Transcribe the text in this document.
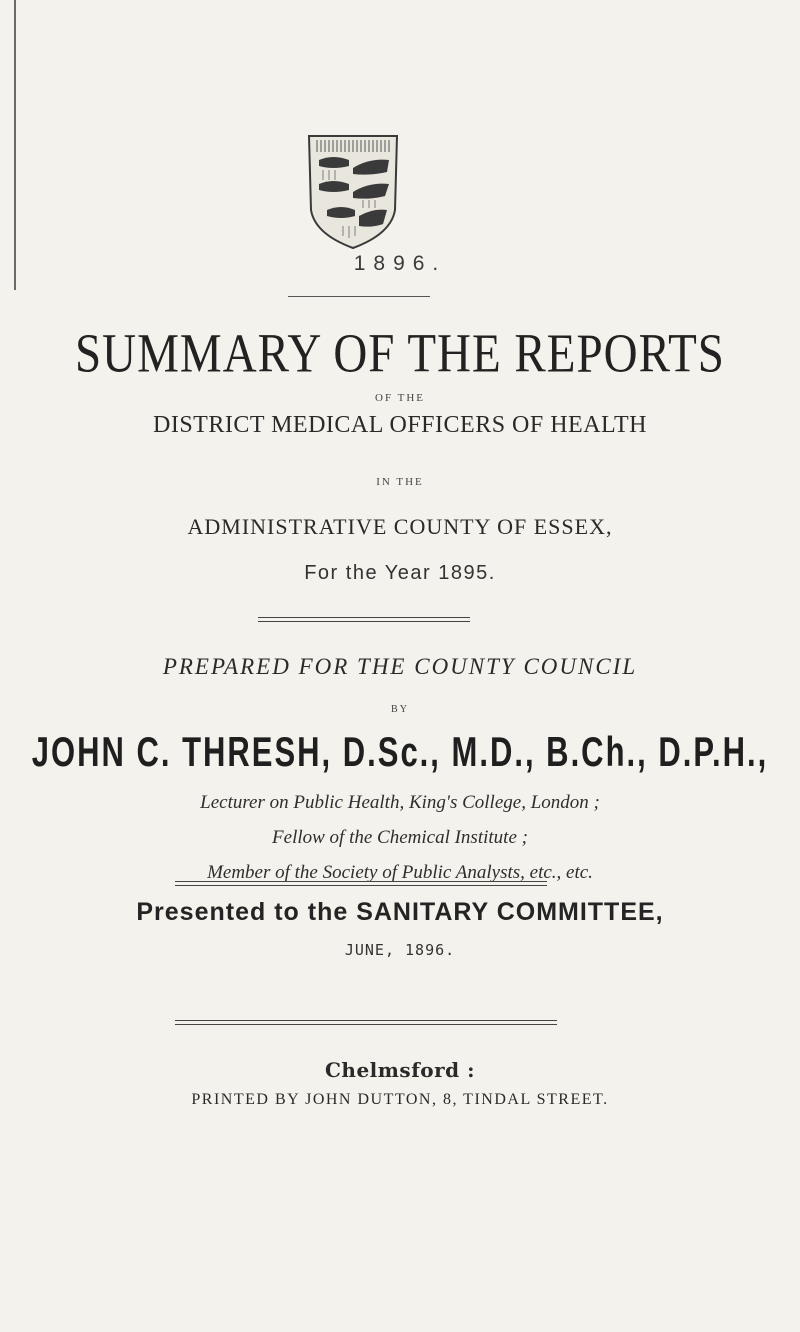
1896.
SUMMARY OF THE REPORTS
OF THE
DISTRICT MEDICAL OFFICERS OF HEALTH
IN THE
ADMINISTRATIVE COUNTY OF ESSEX,
For the Year 1895.
PREPARED FOR THE COUNTY COUNCIL
BY
JOHN C. THRESH, D.Sc., M.D., B.Ch., D.P.H.,
Lecturer on Public Health, King's College, London ;
Fellow of the Chemical Institute ;
Member of the Society of Public Analysts, etc., etc.
Presented to the SANITARY COMMITTEE,
JUNE, 1896.
Chelmsford :
PRINTED BY JOHN DUTTON, 8, TINDAL STREET.
